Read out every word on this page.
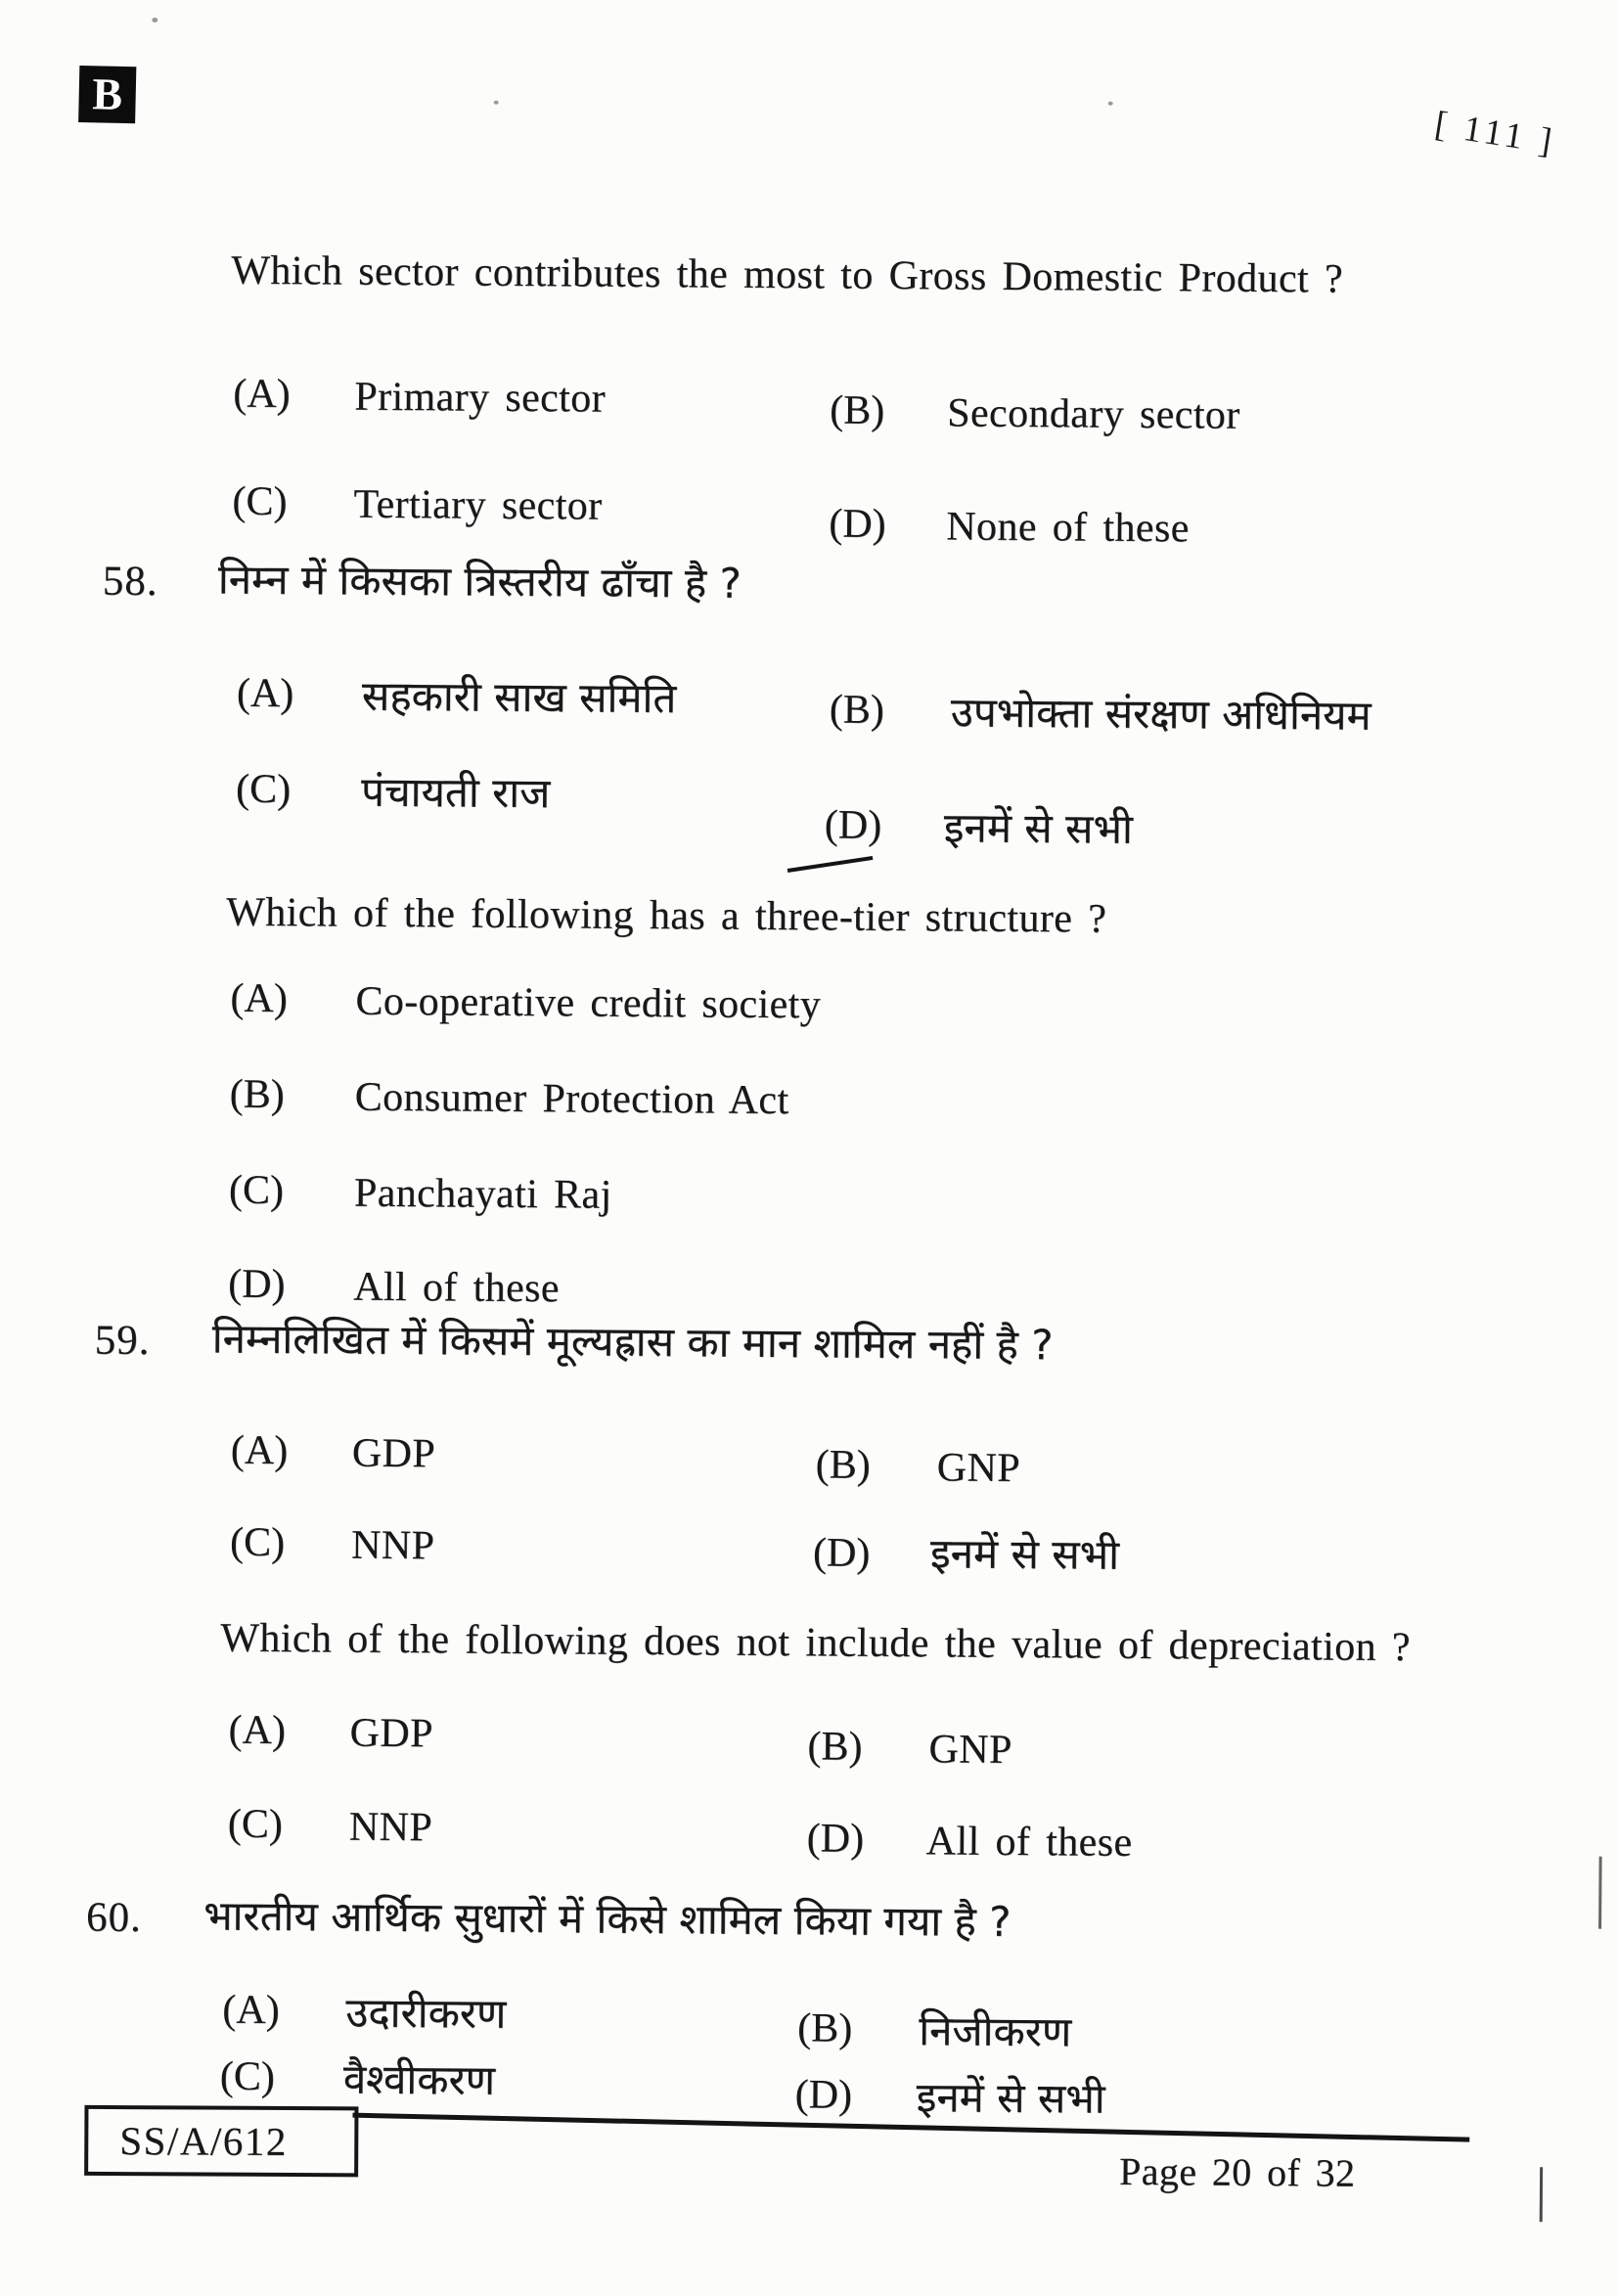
B
[ 111 ]
Which sector contributes the most to Gross Domestic Product ?
(A) Primary sector	(B) Secondary sector
(C) Tertiary sector	(D) None of these
58. निम्न में किसका त्रिस्तरीय ढाँचा है ?
(A) सहकारी साख समिति	(B) उपभोक्ता संरक्षण अधिनियम
(C) पंचायती राज
(D) इनमें से सभी
Which of the following has a three-tier structure ?
(A) Co-operative credit society
(B) Consumer Protection Act
(C) Panchayati Raj
(D) All of these
59. निम्नलिखित में किसमें मूल्यह्रास का मान शामिल नहीं है ?
(A) GDP	(B) GNP
(C) NNP	(D) इनमें से सभी
Which of the following does not include the value of depreciation ?
(A) GDP	(B) GNP
(C) NNP	(D) All of these
60. भारतीय आर्थिक सुधारों में किसे शामिल किया गया है ?
(A) उदारीकरण	(B) निजीकरण
(C) वैश्वीकरण	(D) इनमें से सभी
SS/A/612
Page 20 of 32
